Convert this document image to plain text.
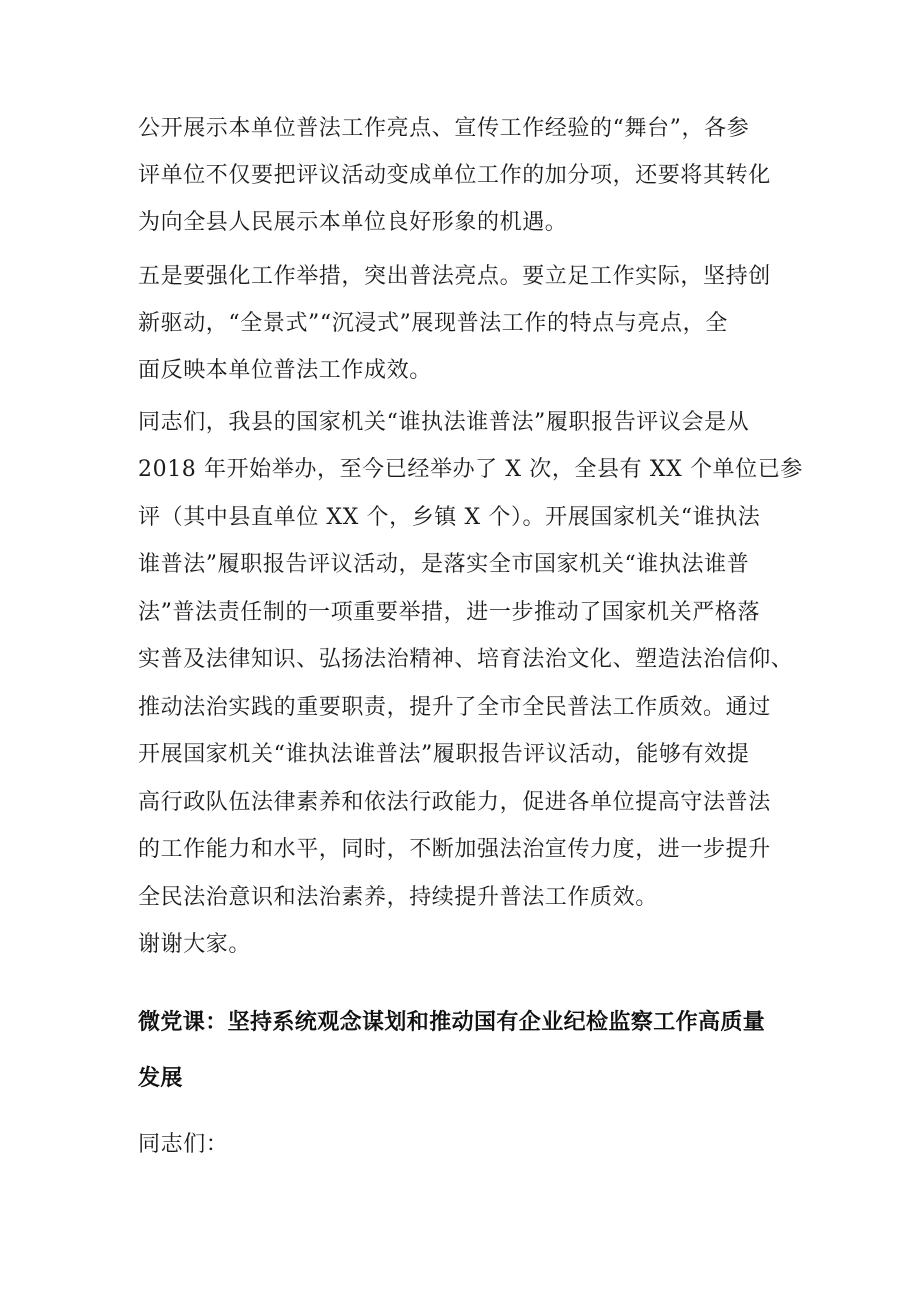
公开展示本单位普法工作亮点、宣传工作经验的“舞台”，各参
评单位不仅要把评议活动变成单位工作的加分项，还要将其转化
为向全县人民展示本单位良好形象的机遇。
五是要强化工作举措，突出普法亮点。要立足工作实际，坚持创
新驱动，“全景式”“沉浸式”展现普法工作的特点与亮点，全
面反映本单位普法工作成效。
同志们，我县的国家机关“谁执法谁普法”履职报告评议会是从
2018 年开始举办，至今已经举办了 X 次，全县有 XX 个单位已参
评（其中县直单位 XX 个，乡镇 X 个）。开展国家机关“谁执法
谁普法”履职报告评议活动，是落实全市国家机关“谁执法谁普
法”普法责任制的一项重要举措，进一步推动了国家机关严格落
实普及法律知识、弘扬法治精神、培育法治文化、塑造法治信仰、
推动法治实践的重要职责，提升了全市全民普法工作质效。通过
开展国家机关“谁执法谁普法”履职报告评议活动，能够有效提
高行政队伍法律素养和依法行政能力，促进各单位提高守法普法
的工作能力和水平，同时，不断加强法治宣传力度，进一步提升
全民法治意识和法治素养，持续提升普法工作质效。
谢谢大家。
微党课：坚持系统观念谋划和推动国有企业纪检监察工作高质量
发展
同志们：
